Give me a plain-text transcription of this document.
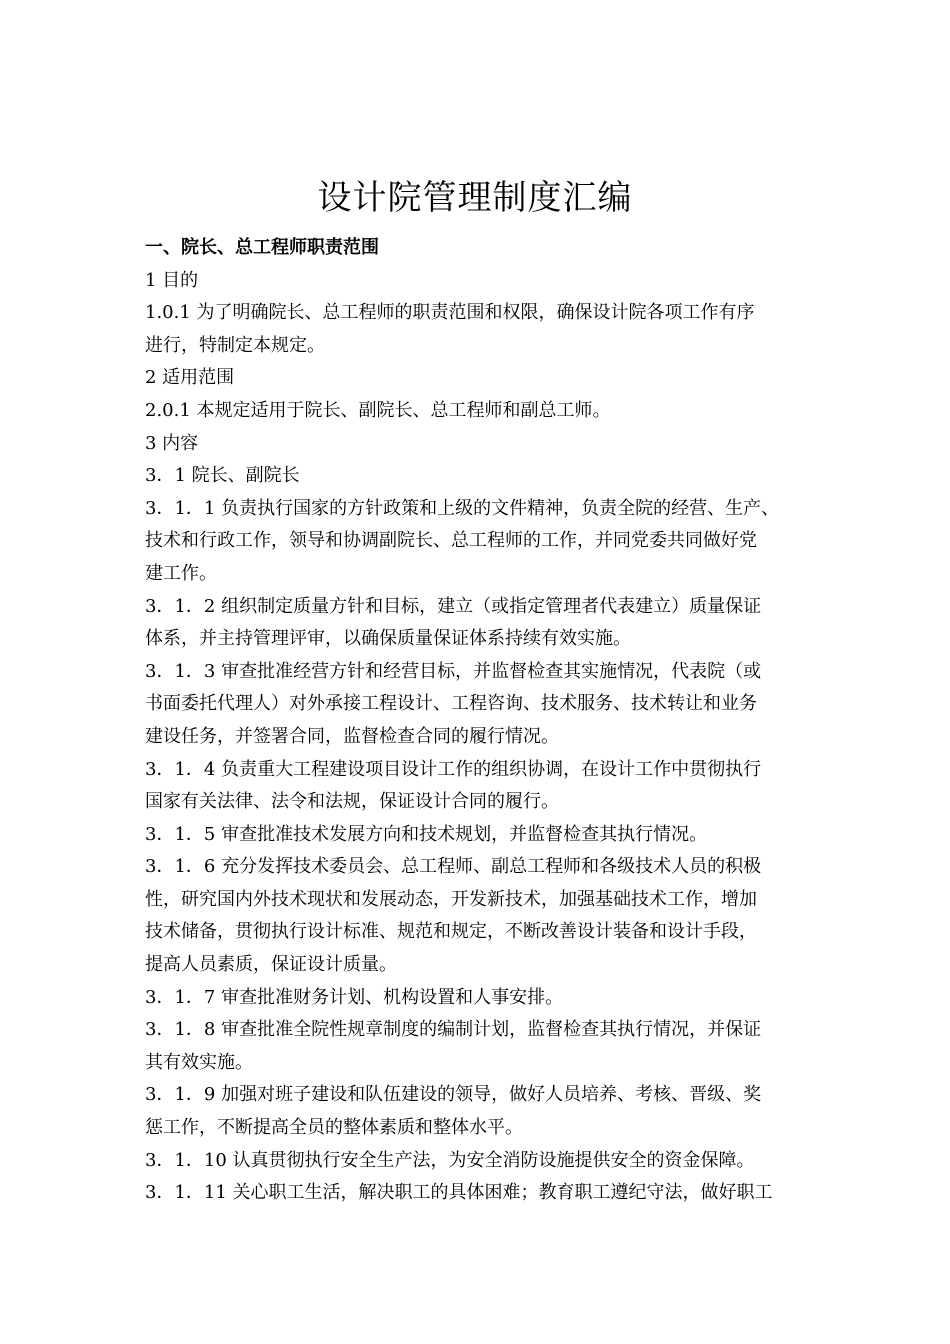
设计院管理制度汇编

一、院长、总工程师职责范围

1 目的

1.0.1 为了明确院长、总工程师的职责范围和权限，确保设计院各项工作有序

进行，特制定本规定。

2 适用范围

2.0.1 本规定适用于院长、副院长、总工程师和副总工师。

3 内容

3．1 院长、副院长

3．1．1 负责执行国家的方针政策和上级的文件精神，负责全院的经营、生产、

技术和行政工作，领导和协调副院长、总工程师的工作，并同党委共同做好党

建工作。

3．1．2 组织制定质量方针和目标，建立（或指定管理者代表建立）质量保证

体系，并主持管理评审，以确保质量保证体系持续有效实施。

3．1．3 审查批准经营方针和经营目标，并监督检查其实施情况，代表院（或

书面委托代理人）对外承接工程设计、工程咨询、技术服务、技术转让和业务

建设任务，并签署合同，监督检查合同的履行情况。

3．1．4 负责重大工程建设项目设计工作的组织协调，在设计工作中贯彻执行

国家有关法律、法令和法规，保证设计合同的履行。

3．1．5 审查批准技术发展方向和技术规划，并监督检查其执行情况。

3．1．6 充分发挥技术委员会、总工程师、副总工程师和各级技术人员的积极

性，研究国内外技术现状和发展动态，开发新技术，加强基础技术工作，增加

技术储备，贯彻执行设计标准、规范和规定，不断改善设计装备和设计手段，

提高人员素质，保证设计质量。

3．1．7 审查批准财务计划、机构设置和人事安排。

3．1．8 审查批准全院性规章制度的编制计划，监督检查其执行情况，并保证

其有效实施。

3．1．9 加强对班子建设和队伍建设的领导，做好人员培养、考核、晋级、奖

惩工作，不断提高全员的整体素质和整体水平。

3．1．10 认真贯彻执行安全生产法，为安全消防设施提供安全的资金保障。

3．1．11 关心职工生活，解决职工的具体困难；教育职工遵纪守法，做好职工
